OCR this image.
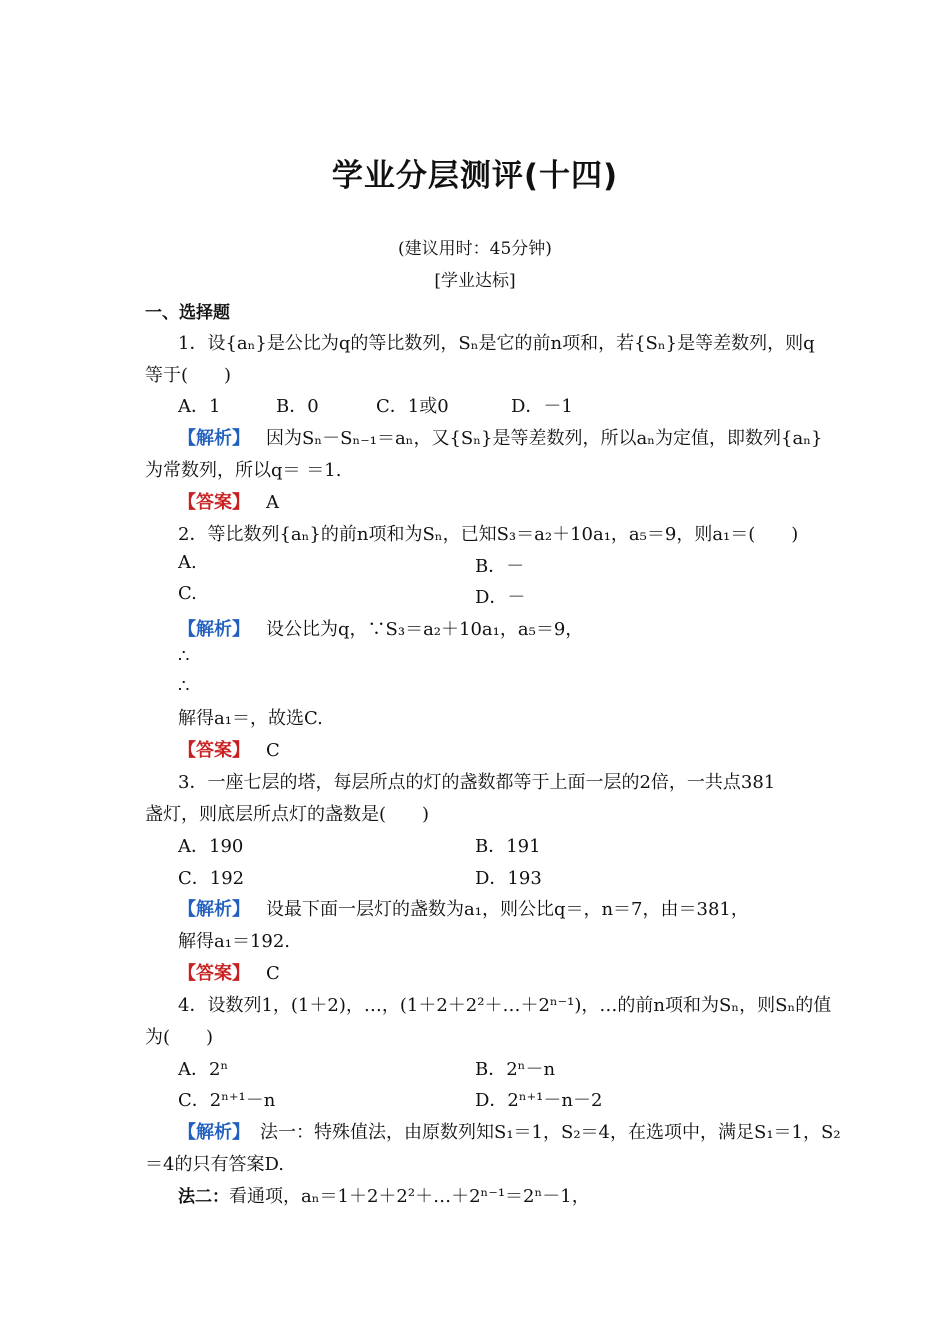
学业分层测评(十四)
(建议用时：45分钟)
[学业达标]
一、选择题
1．设{aₙ}是公比为q的等比数列，Sₙ是它的前n项和，若{Sₙ}是等差数列，则q
等于(　　)
A．1	B．0	C．1或0	D．－1
【解析】 因为Sₙ－Sₙ₋₁＝aₙ，又{Sₙ}是等差数列，所以aₙ为定值，即数列{aₙ}
为常数列，所以q＝ ＝1.
【答案】 A
2．等比数列{aₙ}的前n项和为Sₙ，已知S₃＝a₂＋10a₁，a₅＝9，则a₁＝(　　)
A.	B．－
C.	D．－
【解析】 设公比为q，∵S₃＝a₂＋10a₁，a₅＝9，
∴
∴
解得a₁＝，故选C.
【答案】 C
3．一座七层的塔，每层所点的灯的盏数都等于上面一层的2倍，一共点381
盏灯，则底层所点灯的盏数是(　　)
A．190	B．191
C．192	D．193
【解析】 设最下面一层灯的盏数为a₁，则公比q＝，n＝7，由＝381，
解得a₁＝192.
【答案】 C
4．设数列1，(1＋2)，…，(1＋2＋2²＋…＋2ⁿ⁻¹)，…的前n项和为Sₙ，则Sₙ的值
为(　　)
A．2ⁿ	B．2ⁿ－n
C．2ⁿ⁺¹－n	D．2ⁿ⁺¹－n－2
【解析】 法一：特殊值法，由原数列知S₁＝1，S₂＝4，在选项中，满足S₁＝1，S₂
＝4的只有答案D.
法二：看通项，aₙ＝1＋2＋2²＋…＋2ⁿ⁻¹＝2ⁿ－1，
